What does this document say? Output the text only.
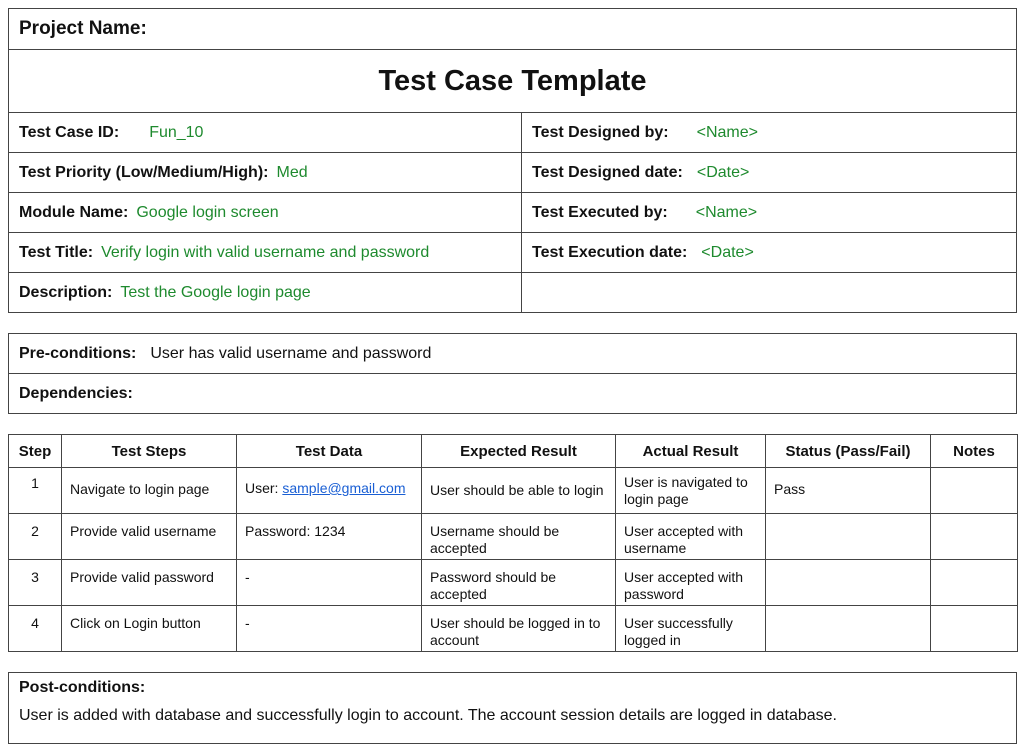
Project Name:
Test Case Template
Test Case ID: Fun_10	Test Designed by: <Name>
Test Priority (Low/Medium/High): Med	Test Designed date: <Date>
Module Name: Google login screen	Test Executed by: <Name>
Test Title: Verify login with valid username and password	Test Execution date: <Date>
Description: Test the Google login page
Pre-conditions: User has valid username and password
Dependencies:
Step	Test Steps	Test Data	Expected Result	Actual Result	Status (Pass/Fail)	Notes
1	Navigate to login page	User: sample@gmail.com	User should be able to login	User is navigated to login page	Pass	
2	Provide valid username	Password: 1234	Username should be accepted	User accepted with username		
3	Provide valid password	-	Password should be accepted	User accepted with password		
4	Click on Login button	-	User should be logged in to account	User successfully logged in		
Post-conditions:
User is added with database and successfully login to account. The account session details are logged in database.
